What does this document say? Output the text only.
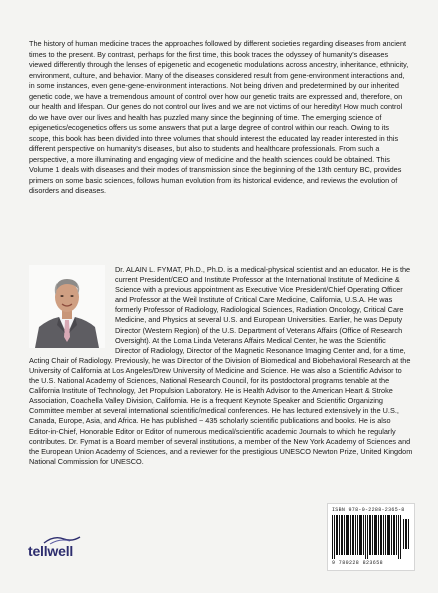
The history of human medicine traces the approaches followed by different societies regarding diseases from ancient times to the present. By contrast, perhaps for the first time, this book traces the odyssey of humanity's diseases viewed differently through the lenses of epigenetic and ecogenetic modulations across ancestry, inheritance, ethnicity, environment, culture, and behavior. Many of the diseases considered result from gene-environment interactions and, in some instances, even gene-gene-environment interactions. Not being driven and predetermined by our inherited genetic code, we have a tremendous amount of control over how our genetic traits are expressed and, therefore, on our health and lifespan. Our genes do not control our lives and we are not victims of our heredity! How much control do we have over our lives and health has puzzled many since the beginning of time. The emerging science of epigenetics/ecogenetics offers us some answers that put a large degree of control within our reach. Owing to its scope, this book has been divided into three volumes that should interest the educated lay reader interested in this different perspective on humanity's diseases, but also to students and healthcare professionals. From such a perspective, a more illuminating and engaging view of medicine and the health sciences could be obtained. This Volume 1 deals with diseases and their modes of transmission since the beginning of the 13th century BC, provides primers on some basic sciences, follows human evolution from its historical evidence, and reviews the evolution of disorders and diseases.

Dr. ALAIN L. FYMAT, Ph.D., Ph.D. is a medical-physical scientist and an educator. He is the current President/CEO and Institute Professor at the International Institute of Medicine & Science with a previous appointment as Executive Vice President/Chief Operating Officer and Professor at the Weil Institute of Critical Care Medicine, California, U.S.A. He was formerly Professor of Radiology, Radiological Sciences, Radiation Oncology, Critical Care Medicine, and Physics at several U.S. and European Universities. Earlier, he was Deputy Director (Western Region) of the U.S. Department of Veterans Affairs (Office of Research Oversight). At the Loma Linda Veterans Affairs Medical Center, he was the Scientific Director of Radiology, Director of the Magnetic Resonance Imaging Center and, for a time, Acting Chair of Radiology. Previously, he was Director of the Division of Biomedical and Biobehavioral Research at the University of California at Los Angeles/Drew University of Medicine and Science. He was also a Scientific Advisor to the U.S. National Academy of Sciences, National Research Council, for its postdoctoral programs tenable at the California Institute of Technology, Jet Propulsion Laboratory. He is Health Advisor to the American Heart & Stroke Association, Coachella Valley Division, California. He is a frequent Keynote Speaker and Scientific Organizing Committee member at several international scientific/medical conferences. He has lectured extensively in the U.S., Canada, Europe, Asia, and Africa. He has published ~ 435 scholarly scientific publications and books. He is also Editor-in-Chief, Honorable Editor or Editor of numerous medical/scientific academic Journals to which he regularly contributes. Dr. Fymat is a Board member of several institutions, a member of the New York Academy of Sciences and the European Union Academy of Sciences, and a reviewer for the prestigious UNESCO Newton Prize, United Kingdom National Commission for UNESCO.

ISBN 978-0-2288-2365-8
9 780228 823658
tellwell
